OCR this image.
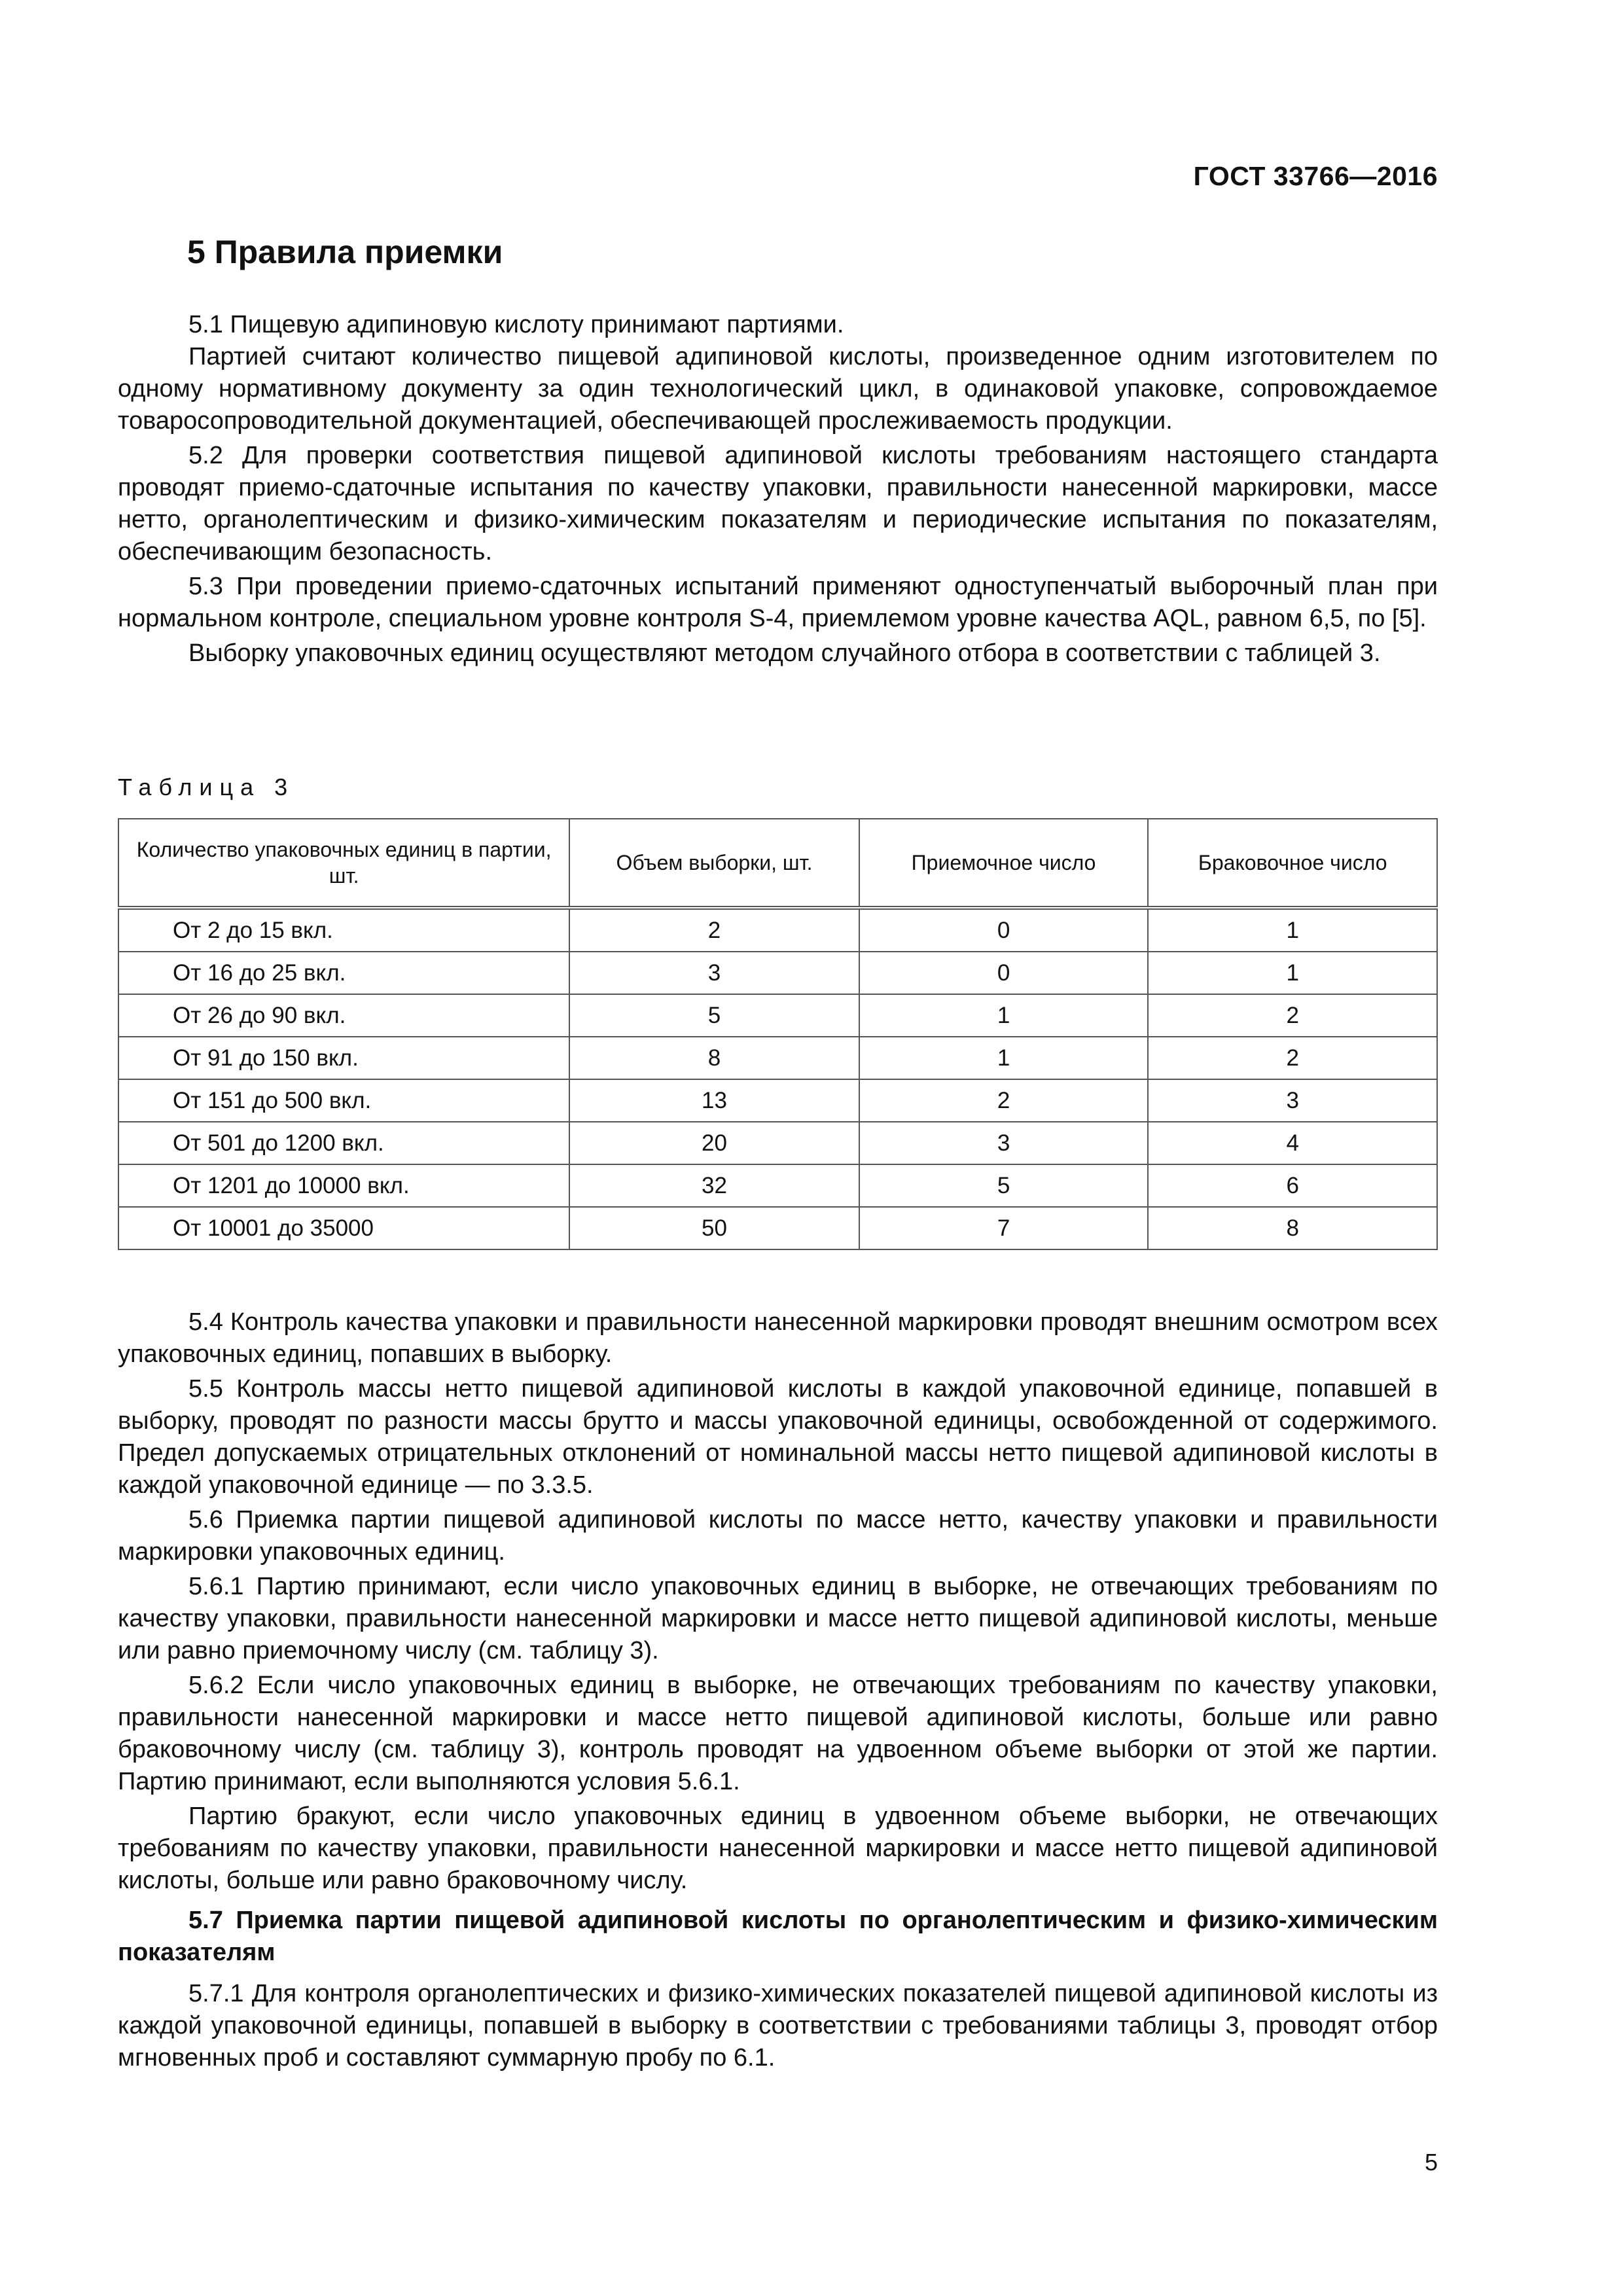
ГОСТ 33766—2016
5 Правила приемки

5.1 Пищевую адипиновую кислоту принимают партиями.

Партией считают количество пищевой адипиновой кислоты, произведенное одним изготовителем по одному нормативному документу за один технологический цикл, в одинаковой упаковке, сопровождаемое товаросопроводительной документацией, обеспечивающей прослеживаемость продукции.

5.2 Для проверки соответствия пищевой адипиновой кислоты требованиям настоящего стандарта проводят приемо-сдаточные испытания по качеству упаковки, правильности нанесенной маркировки, массе нетто, органолептическим и физико-химическим показателям и периодические испытания по показателям, обеспечивающим безопасность.

5.3 При проведении приемо-сдаточных испытаний применяют одноступенчатый выборочный план при нормальном контроле, специальном уровне контроля S-4, приемлемом уровне качества AQL, равном 6,5, по [5].

Выборку упаковочных единиц осуществляют методом случайного отбора в соответствии с таблицей 3.

Таблица 3
Количество упаковочных единиц в партии, шт.	Объем выборки, шт.	Приемочное число	Браковочное число
От 2 до 15 вкл.	2	0	1
От 16 до 25 вкл.	3	0	1
От 26 до 90 вкл.	5	1	2
От 91 до 150 вкл.	8	1	2
От 151 до 500 вкл.	13	2	3
От 501 до 1200 вкл.	20	3	4
От 1201 до 10000 вкл.	32	5	6
От 10001 до 35000	50	7	8

5.4 Контроль качества упаковки и правильности нанесенной маркировки проводят внешним осмотром всех упаковочных единиц, попавших в выборку.

5.5 Контроль массы нетто пищевой адипиновой кислоты в каждой упаковочной единице, попавшей в выборку, проводят по разности массы брутто и массы упаковочной единицы, освобожденной от содержимого. Предел допускаемых отрицательных отклонений от номинальной массы нетто пищевой адипиновой кислоты в каждой упаковочной единице — по 3.3.5.

5.6 Приемка партии пищевой адипиновой кислоты по массе нетто, качеству упаковки и правильности маркировки упаковочных единиц.

5.6.1 Партию принимают, если число упаковочных единиц в выборке, не отвечающих требованиям по качеству упаковки, правильности нанесенной маркировки и массе нетто пищевой адипиновой кислоты, меньше или равно приемочному числу (см. таблицу 3).

5.6.2 Если число упаковочных единиц в выборке, не отвечающих требованиям по качеству упаковки, правильности нанесенной маркировки и массе нетто пищевой адипиновой кислоты, больше или равно браковочному числу (см. таблицу 3), контроль проводят на удвоенном объеме выборки от этой же партии. Партию принимают, если выполняются условия 5.6.1.

Партию бракуют, если число упаковочных единиц в удвоенном объеме выборки, не отвечающих требованиям по качеству упаковки, правильности нанесенной маркировки и массе нетто пищевой адипиновой кислоты, больше или равно браковочному числу.

5.7 Приемка партии пищевой адипиновой кислоты по органолептическим и физико-химическим показателям

5.7.1 Для контроля органолептических и физико-химических показателей пищевой адипиновой кислоты из каждой упаковочной единицы, попавшей в выборку в соответствии с требованиями таблицы 3, проводят отбор мгновенных проб и составляют суммарную пробу по 6.1.

5
